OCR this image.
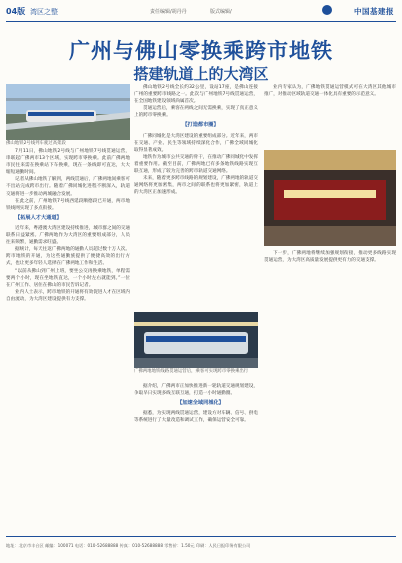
04版 湾区之整	责任编辑/胡丹丹	版式编辑/	中国基建报
广州与佛山零换乘跨市地铁
搭建轨道上的大湾区
佛山地铁2号线列车驶过高架段

7月11日，佛山地铁2号线与广州地铁7号线贯通运营，串联起广佛两市13个区域，实现跨市零换乘。此前广佛两地市民往来需在换乘站下车换乘，现在一条线即可直达，大大缩短通勤时间。

记者从佛山地铁了解到，两线贯通后，广佛两地间乘客可不出站完成跨市出行。随着广佛同城化进程不断深入，轨道交通将进一步推动两城融合发展。

在此之前，广州地铁7号线西延段顺德段已开通，两市地铁线网实现了多点衔接。

【拓展人才大通道】

近年来，粤港澳大湾区建设持续推进，城市群之间的交通联系日益紧密。广佛两地作为大湾区的重要组成部分，人员往来频繁，通勤需求旺盛。

据统计，每天往返广佛两地的通勤人员超过数十万人次。跨市地铁的开通，为这些通勤族提供了便捷高效的出行方式，也让更多年轻人选择在广佛两地工作和生活。

“以前从佛山到广州上班，要坐公交再换乘地铁，单程需要两个小时，现在坐地铁直达，一个小时左右就能到。”一位在广州工作、居住在佛山的市民告诉记者。

业内人士表示，跨市地铁的开通将有效促进人才在区域内自由流动，为大湾区建设提供有力支撑。

佛山地铁2号线全长约32公里，设站17座，是佛山连接广州的重要跨市线路之一。此次与广州地铁7号线贯通运营，在全国地铁建设领域尚属首次。

贯通运营后，乘客在两线之间无需换乘，实现了真正意义上的跨市零换乘。

【打造都市圈】

广佛同城化是大湾区建设的重要组成部分。近年来，两市在交通、产业、民生等领域持续深化合作，广佛全域同城化取得显著成效。

地铁作为城市公共交通的骨干，在推动广佛同城化中发挥着重要作用。截至目前，广佛两地已有多条地铁线路实现互联互通，形成了较为完善的跨市轨道交通网络。

未来，随着更多跨市线路的规划建设，广佛两地的轨道交通网络将更加密集，两市之间的联系也将更加紧密，轨道上的大湾区正加速形成。

广佛两地地铁线路贯通运营后，乘客可实现跨市零换乘出行

据介绍，广佛两市正加快推进新一轮轨道交通规划建设，争取早日实现多线互联互通，打造一小时通勤圈。

【加速全域同城化】

据悉，为实现两线贯通运营，建设方对车辆、信号、供电等系统进行了大量改造和调试工作，确保运营安全可靠。

业内专家认为，广佛地铁贯通运营模式可在大湾区其他城市推广，对推动区域轨道交通一体化具有重要的示范意义。

下一步，广佛两地将继续加强规划衔接，推动更多线路实现贯通运营，为大湾区高质量发展提供更有力的交通支撑。

地址：北京市丰台区 邮编：100071 电话：010-52688888 传真：010-52688888 零售价：1.50元 印刷：人民日报印务有限公司
